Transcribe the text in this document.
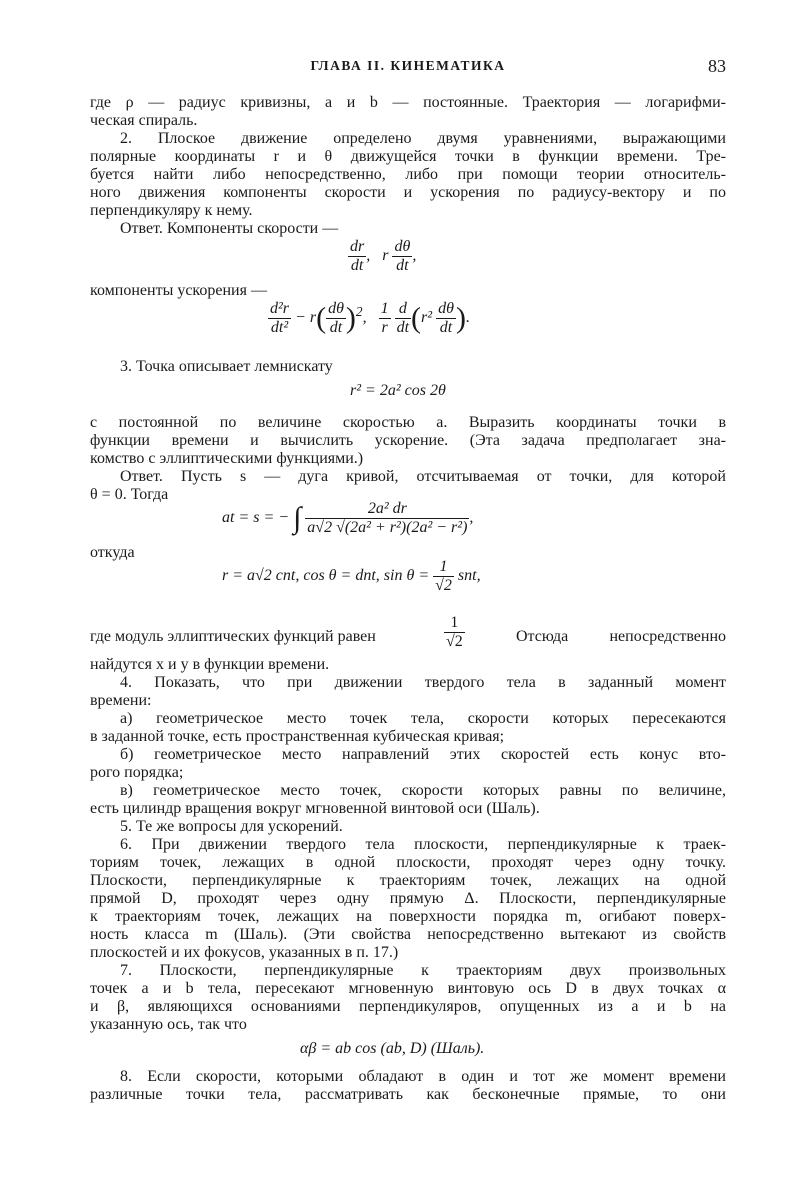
ГЛАВА II. КИНЕМАТИКА	83
где ρ — радиус кривизны, a и b — постоянные. Траектория — логарифми-
ческая спираль.
2. Плоское движение определено двумя уравнениями, выражающими
полярные координаты r и θ движущейся точки в функции времени. Тре-
буется найти либо непосредственно, либо при помощи теории относитель-
ного движения компоненты скорости и ускорения по радиусу-вектору и по
перпендикуляру к нему.
Ответ. Компоненты скорости —
$\frac{dr}{dt}$ , r $\frac{d\theta}{dt}$ ,
компоненты ускорения —
$\frac{\text{d²r}}{\text{dt²}} - r( \frac{d\theta}{dt} )^2$, $\frac{1}{r}$
$\frac{d}{dt} (r^2 \frac{d\theta}{dt}$ ).
3. Точка описывает лемнискату
r² = 2a² cos 2θ
с постоянной по величине скоростью a. Выразить координаты точки в
функции времени и вычислить ускорение. (Эта задача предполагает зна-
комство с эллиптическими функциями.)
Ответ. Пусть s — дуга кривой, отсчитываемая от точки, для которой
θ = 0. Тогда
at = s = − ∫ $\frac{\text{2a² dr}}{\text{a√2 √(2a² + r²)(2a² − r²)}}$ ,
откуда
r = a√2 cnt, cos θ = dnt, $\sin \theta = \frac{1}{√2}$ snt,
где модуль эллиптических функций равен	$\frac{1}{√2}$	Отсюда непосредственно
найдутся x и y в функции времени.
4. Показать, что при движении твердого тела в заданный момент
времени:
а) геометрическое место точек тела, скорости которых пересекаются
в заданной точке, есть пространственная кубическая кривая;
б) геометрическое место направлений этих скоростей есть конус вто-
рого порядка;
в) геометрическое место точек, скорости которых равны по величине,
есть цилиндр вращения вокруг мгновенной винтовой оси (Шаль).
5. Те же вопросы для ускорений.
6. При движении твердого тела плоскости, перпендикулярные к траек-
ториям точек, лежащих в одной плоскости, проходят через одну точку.
Плоскости, перпендикулярные к траекториям точек, лежащих на одной
прямой D, проходят через одну прямую Δ. Плоскости, перпендикулярные
к траекториям точек, лежащих на поверхности порядка m, огибают поверх-
ность класса m (Шаль). (Эти свойства непосредственно вытекают из свойств
плоскостей и их фокусов, указанных в п. 17.)
7. Плоскости, перпендикулярные к траекториям двух произвольных
точек a и b тела, пересекают мгновенную винтовую ось D в двух точках α
и β, являющихся основаниями перпендикуляров, опущенных из a и b на
указанную ось, так что
αβ = ab cos (ab, D) (Шаль).
8. Если скорости, которыми обладают в один и тот же момент времени
различные точки тела, рассматривать как бесконечные прямые, то они
